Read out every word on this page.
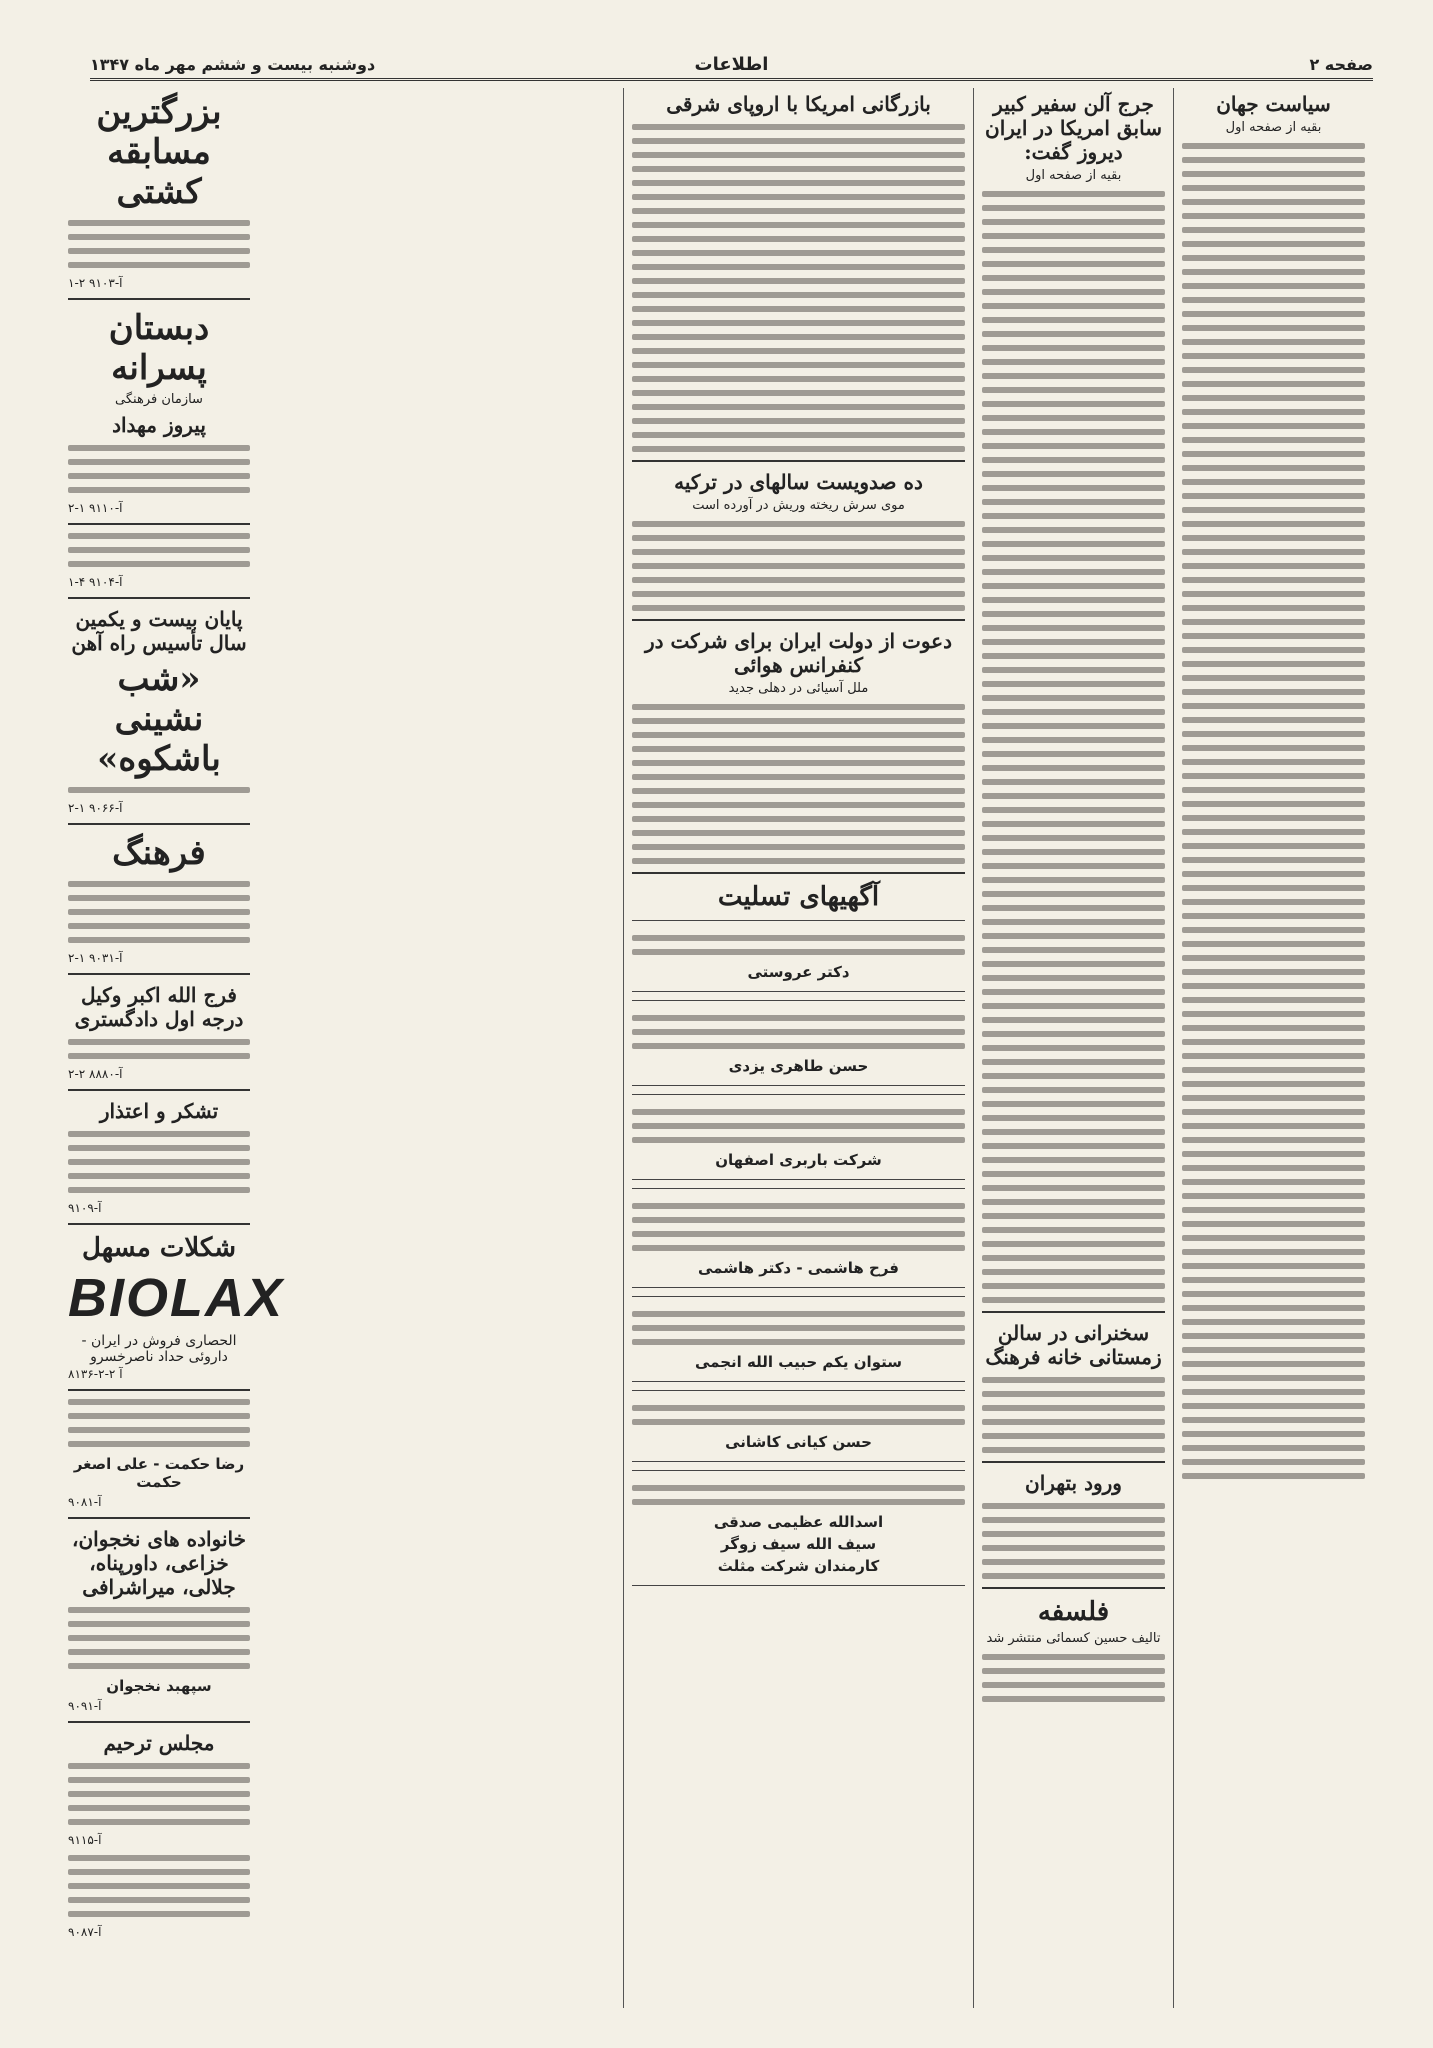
صفحه ۲
اطلاعات
دوشنبه بیست و ششم مهر ماه ۱۳۴۷
سیاست جهان
بقیه از صفحه اول
جرج آلن سفیر کبیر سابق امریکا در ایران دیروز گفت:
بقیه از صفحه اول
سخنرانی در سالن زمستانی خانه فرهنگ
ورود بتهران
فلسفه
تالیف حسین کسمائی منتشر شد
بازرگانی امریکا با اروپای شرقی
ده صدویست سالهای در ترکیه
موی سرش ریخته وریش در آورده است
دعوت از دولت ایران برای شرکت در کنفرانس هوائی
ملل آسیائی در دهلی جدید
آگهیهای تسلیت
دکتر عروستی
حسن طاهری یزدی
شرکت باربری اصفهان
فرح هاشمی - دکتر هاشمی
ستوان یکم حبیب الله انجمی
حسن کیانی کاشانی
اسدالله عظیمی صدقی
سیف الله سیف زوگر
کارمندان شرکت مثلث
بزرگترین مسابقه کشتی
۱-۲ ۹۱۰۳-آ
دبستان پسرانه
سازمان فرهنگی
پیروز مهداد
۲-۱ ۹۱۱۰-آ
۱-۴ ۹۱۰۴-آ
پایان بیست و یکمین سال تأسیس راه آهن
«شب نشینی باشکوه»
۲-۱ ۹۰۶۶-آ
فرهنگ
۲-۱ ۹۰۳۱-آ
فرج الله اکبر وکیل درجه اول دادگستری
۲-۲ ۸۸۸۰-آ
تشکر و اعتذار
۹۱۰۹-آ
شکلات مسهل
BIOLAX
الحصاری فروش در ایران - داروئی حداد ناصرخسرو
۸۱۳۶-آ ۲-۲
رضا حکمت - علی اصغر حکمت
۹۰۸۱-آ
خانواده های نخجوان، خزاعی، داورپناه، جلالی، میراشرافی
سپهبد نخجوان
۹۰۹۱-آ
مجلس ترحیم
۹۱۱۵-آ
۹۰۸۷-آ
